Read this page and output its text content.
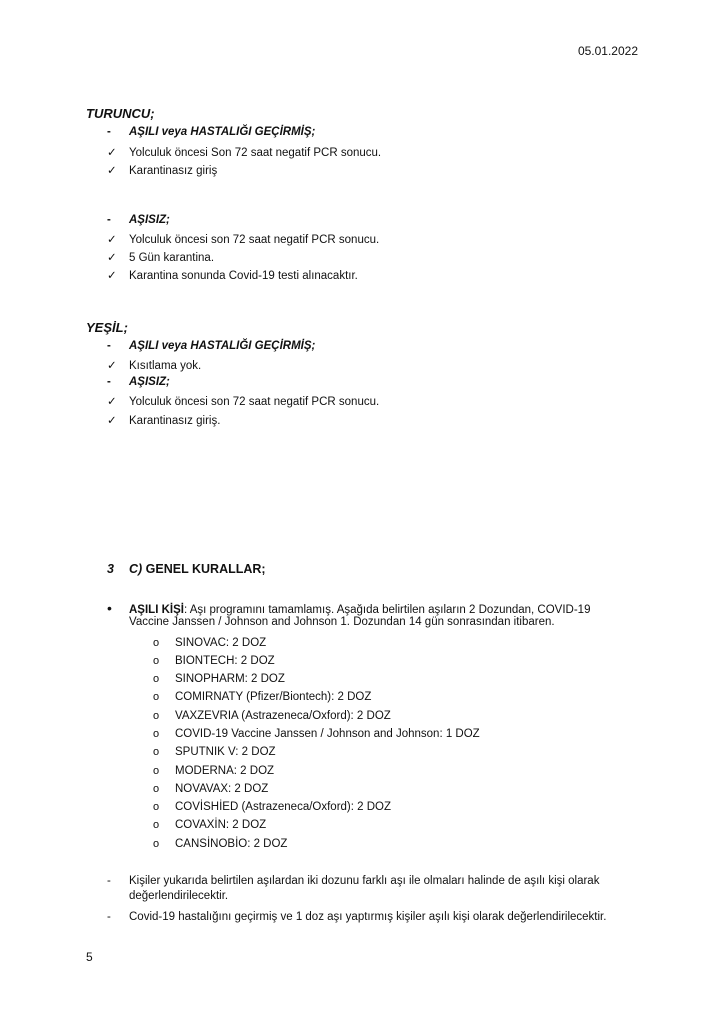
05.01.2022
TURUNCU;
- AŞILI veya HASTALIĞI GEÇİRMİŞ;
✓ Yolculuk öncesi Son 72 saat negatif PCR sonucu.
✓ Karantinasız giriş
- AŞISIZ;
✓ Yolculuk öncesi son 72 saat negatif PCR sonucu.
✓ 5 Gün karantina.
✓ Karantina sonunda Covid-19 testi alınacaktır.
YEŞİL;
- AŞILI veya HASTALIĞI GEÇİRMİŞ;
✓ Kısıtlama yok.
- AŞISIZ;
✓ Yolculuk öncesi son 72 saat negatif PCR sonucu.
✓ Karantinasız giriş.
3 C) GENEL KURALLAR;
• AŞILI KİŞİ: Aşı programını tamamlamış. Aşağıda belirtilen aşıların 2 Dozundan, COVID-19
Vaccine Janssen / Johnson and Johnson 1. Dozundan 14 gün sonrasından itibaren.
o SINOVAC: 2 DOZ
o BIONTECH: 2 DOZ
o SINOPHARM: 2 DOZ
o COMIRNATY (Pfizer/Biontech): 2 DOZ
o VAXZEVRIA (Astrazeneca/Oxford): 2 DOZ
o COVID-19 Vaccine Janssen / Johnson and Johnson: 1 DOZ
o SPUTNIK V: 2 DOZ
o MODERNA: 2 DOZ
o NOVAVAX: 2 DOZ
o COVİSHİED (Astrazeneca/Oxford): 2 DOZ
o COVAXİN: 2 DOZ
o CANSİNOBİO: 2 DOZ
- Kişiler yukarıda belirtilen aşılardan iki dozunu farklı aşı ile olmaları halinde de aşılı kişi olarak
değerlendirilecektir.
- Covid-19 hastalığını geçirmiş ve 1 doz aşı yaptırmış kişiler aşılı kişi olarak değerlendirilecektir.
5
